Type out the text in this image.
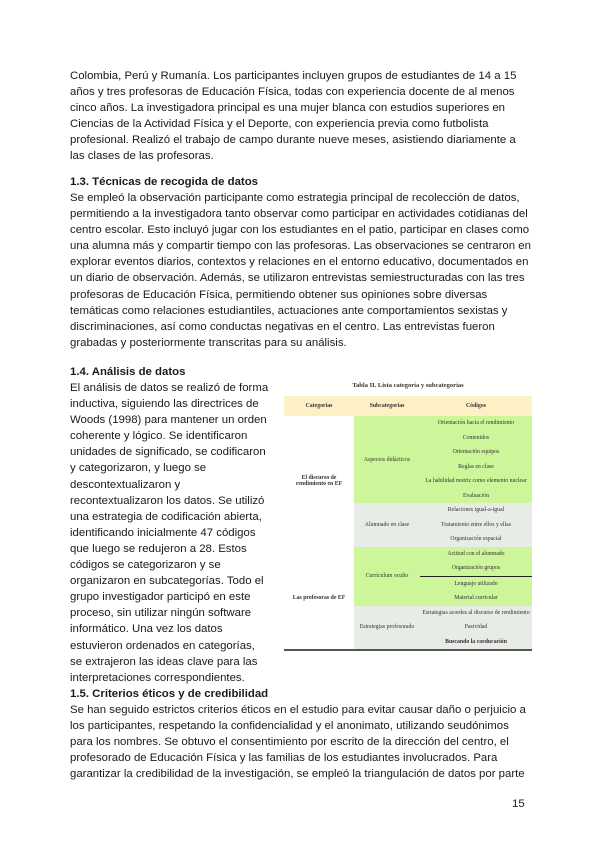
Colombia, Perú y Rumanía. Los participantes incluyen grupos de estudiantes de 14 a 15 años y tres profesoras de Educación Física, todas con experiencia docente de al menos cinco años. La investigadora principal es una mujer blanca con estudios superiores en Ciencias de la Actividad Física y el Deporte, con experiencia previa como futbolista profesional. Realizó el trabajo de campo durante nueve meses, asistiendo diariamente a las clases de las profesoras.
1.3. Técnicas de recogida de datos
Se empleó la observación participante como estrategia principal de recolección de datos, permitiendo a la investigadora tanto observar como participar en actividades cotidianas del centro escolar. Esto incluyó jugar con los estudiantes en el patio, participar en clases como una alumna más y compartir tiempo con las profesoras. Las observaciones se centraron en explorar eventos diarios, contextos y relaciones en el entorno educativo, documentados en un diario de observación. Además, se utilizaron entrevistas semiestructuradas con las tres profesoras de Educación Física, permitiendo obtener sus opiniones sobre diversas temáticas como relaciones estudiantiles, actuaciones ante comportamientos sexistas y discriminaciones, así como conductas negativas en el centro. Las entrevistas fueron grabadas y posteriormente transcritas para su análisis.
1.4. Análisis de datos
El análisis de datos se realizó de forma inductiva, siguiendo las directrices de Woods (1998) para mantener un orden coherente y lógico. Se identificaron unidades de significado, se codificaron y categorizaron, y luego se descontextualizaron y recontextualizaron los datos. Se utilizó una estrategia de codificación abierta, identificando inicialmente 47 códigos que luego se redujeron a 28. Estos códigos se categorizaron y se organizaron en subcategorías. Todo el grupo investigador participó en este proceso, sin utilizar ningún software informático. Una vez los datos estuvieron ordenados en categorías, se extrajeron las ideas clave para las interpretaciones correspondientes.
Tabla II. Lista categoría y subcategorías
Categorías	Subcategorías	Códigos
El discurso de rendimiento en EF	Aspectos didácticos	Orientación hacia el rendimiento
		Contenidos
		Orientación equipos
		Reglas en clase
		La habilidad motriz como elemento nuclear
		Evaluación
	Alumnado en clase	Relaciones igual-a-igual
		Tratamiento entre ellos y ellas
		Organización espacial
Las profesoras de EF	Currículum oculto	Actitud con el alumnado
		Organización grupos
		Lenguaje utilizado
		Material curricular
	Estrategias profesorado	Estrategias acordes al discurso de rendimiento
		Pasividad
		Buscando la coeducación
1.5. Criterios éticos y de credibilidad
Se han seguido estrictos criterios éticos en el estudio para evitar causar daño o perjuicio a los participantes, respetando la confidencialidad y el anonimato, utilizando seudónimos para los nombres. Se obtuvo el consentimiento por escrito de la dirección del centro, el profesorado de Educación Física y las familias de los estudiantes involucrados. Para garantizar la credibilidad de la investigación, se empleó la triangulación de datos por parte
15
